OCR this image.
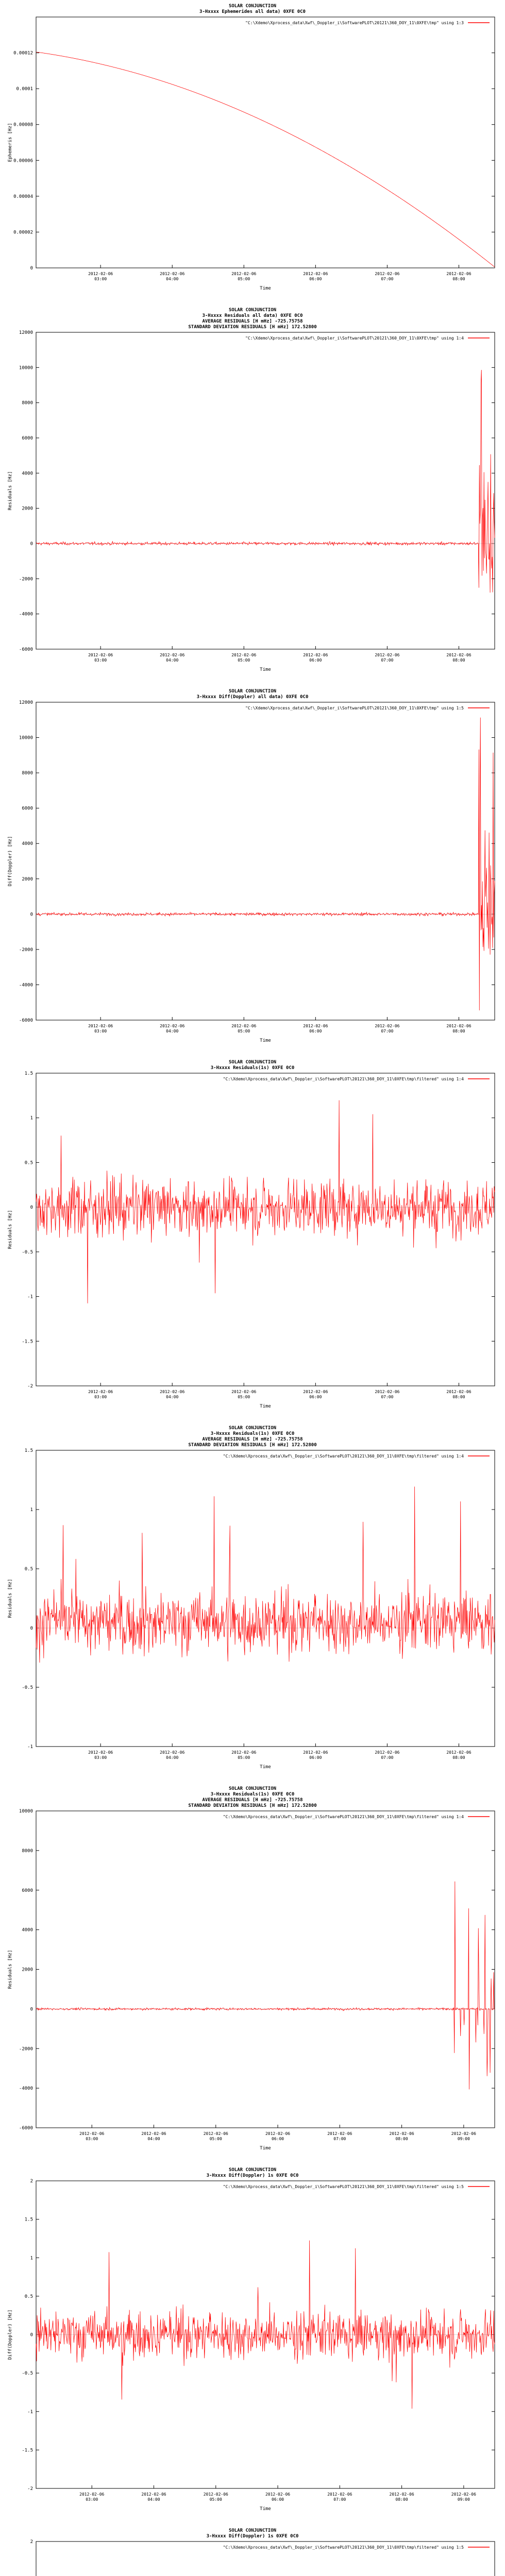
SOLAR CONJUNCTION
3-Hxxxx Ephemerides all data) 0XFE 0C0
"C:\Xdemo\Xprocess_data\Xwf\_Doppler_i\SoftwarePLOT\20121\360_DOY_11\0XFE\tmp" using 1:3
0
0.00002
0.00004
0.00006
0.00008
0.0001
0.00012
2012-02-06 03:00
2012-02-06 04:00
2012-02-06 05:00
2012-02-06 06:00
2012-02-06 07:00
2012-02-06 08:00
Time
Ephemeris [Hz]
SOLAR CONJUNCTION
3-Hxxxx Residuals all data) 0XFE 0C0
AVERAGE RESIDUALS [H mHz] -725.75758
STANDARD DEVIATION RESIDUALS [H mHz] 172.52800
"C:\Xdemo\Xprocess_data\Xwf\_Doppler_i\SoftwarePLOT\20121\360_DOY_11\0XFE\tmp" using 1:4
-6000
-4000
-2000
0
2000
4000
6000
8000
10000
12000
2012-02-06 03:00
2012-02-06 04:00
2012-02-06 05:00
2012-02-06 06:00
2012-02-06 07:00
2012-02-06 08:00
Time
Residuals [Hz]
SOLAR CONJUNCTION
3-Hxxxx Diff(Doppler) all data) 0XFE 0C0
"C:\Xdemo\Xprocess_data\Xwf\_Doppler_i\SoftwarePLOT\20121\360_DOY_11\0XFE\tmp" using 1:5
-6000
-4000
-2000
0
2000
4000
6000
8000
10000
12000
2012-02-06 03:00
2012-02-06 04:00
2012-02-06 05:00
2012-02-06 06:00
2012-02-06 07:00
2012-02-06 08:00
Time
Diff(Doppler) [Hz]
SOLAR CONJUNCTION
3-Hxxxx Residuals(1s) 0XFE 0C0
"C:\Xdemo\Xprocess_data\Xwf\_Doppler_i\SoftwarePLOT\20121\360_DOY_11\0XFE\tmp\filtered" using 1:4
-2
-1.5
-1
-0.5
0
0.5
1
1.5
2012-02-06 03:00
2012-02-06 04:00
2012-02-06 05:00
2012-02-06 06:00
2012-02-06 07:00
2012-02-06 08:00
Time
Residuals [Hz]
SOLAR CONJUNCTION
3-Hxxxx Residuals(1s) 0XFE 0C0
AVERAGE RESIDUALS [H mHz] -725.75758
STANDARD DEVIATION RESIDUALS [H mHz] 172.52800
"C:\Xdemo\Xprocess_data\Xwf\_Doppler_i\SoftwarePLOT\20121\360_DOY_11\0XFE\tmp\filtered" using 1:4
-1
-0.5
0
0.5
1
1.5
2012-02-06 03:00
2012-02-06 04:00
2012-02-06 05:00
2012-02-06 06:00
2012-02-06 07:00
2012-02-06 08:00
Time
Residuals [Hz]
SOLAR CONJUNCTION
3-Hxxxx Residuals(1s) 0XFE 0C0
AVERAGE RESIDUALS [H mHz] -725.75758
STANDARD DEVIATION RESIDUALS [H mHz] 172.52800
"C:\Xdemo\Xprocess_data\Xwf\_Doppler_i\SoftwarePLOT\20121\360_DOY_11\0XFE\tmp\filtered" using 1:4
-6000
-4000
-2000
0
2000
4000
6000
8000
10000
2012-02-06 03:00
2012-02-06 04:00
2012-02-06 05:00
2012-02-06 06:00
2012-02-06 07:00
2012-02-06 08:00
2012-02-06 09:00
Time
Residuals [Hz]
SOLAR CONJUNCTION
3-Hxxxx Diff(Doppler) 1s 0XFE 0C0
"C:\Xdemo\Xprocess_data\Xwf\_Doppler_i\SoftwarePLOT\20121\360_DOY_11\0XFE\tmp\filtered" using 1:5
-2
-1.5
-1
-0.5
0
0.5
1
1.5
2
2012-02-06 03:00
2012-02-06 04:00
2012-02-06 05:00
2012-02-06 06:00
2012-02-06 07:00
2012-02-06 08:00
2012-02-06 09:00
Time
Diff(Doppler) [Hz]
SOLAR CONJUNCTION
3-Hxxxx Diff(Doppler) 1s 0XFE 0C0
"C:\Xdemo\Xprocess_data\Xwf\_Doppler_i\SoftwarePLOT\20121\360_DOY_11\0XFE\tmp\filtered" using 1:5
2
